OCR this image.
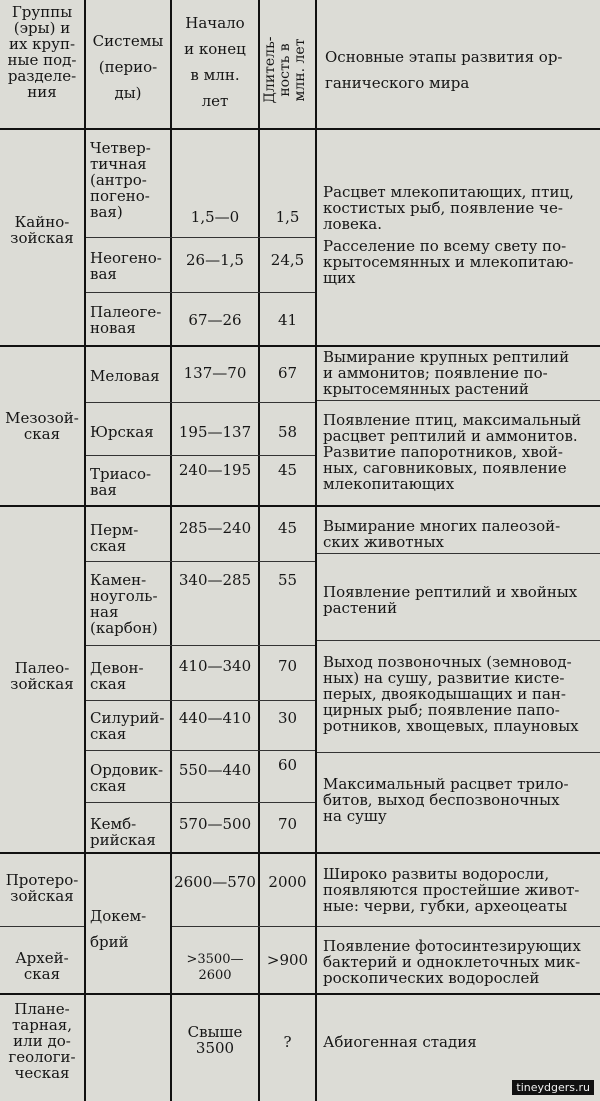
Группы
(эры) и
их круп-
ные под-
разделе-
ния
Системы
(перио-
ды)
Начало
и конец
в млн.
лет	Длитель-
ность в
млн. лет Основные этапы развития ор-
ганического мира
Кайно-
зойская
Мезозой-
ская
Палео-
зойская
Протеро-
зойская
Архей-
ская
Плане-
тарная,
или до-
геологи-
ческая
Четвер-
тичная
(антро-
погено-
вая)
Неогено-
вая
Палеоге-
новая
Меловая
Юрская
Триасо-
вая
Перм-
ская
Камен-
ноуголь-
ная
(карбон)
Девон-
ская
Силурий-
ская
Ордовик-
ская
Кемб-
рийская
Докем-
брий
1,5—0
26—1,5
67—26
137—70
195—137
240—195
285—240
340—285
410—340
440—410
550—440
570—500
2600—570
>3500—2600
Свыше
3500
1,5
24,5
41
67
58
45
45
55
70
30
60
70
2000
>900
?
Расцвет млекопитающих, птиц,
костистых рыб, появление че-
ловека.
Расселение по всему свету по-
крытосемянных и млекопитаю-
щих
Вымирание крупных рептилий
и аммонитов; появление по-
крытосемянных растений
Появление птиц, максимальный
расцвет рептилий и аммонитов.
Развитие папоротников, хвой-
ных, саговниковых, появление
млекопитающих
Вымирание многих палеозой-
ских животных
Появление рептилий и хвойных
растений
Выход позвоночных (земновод-
ных) на сушу, развитие кисте-
перых, двоякодышащих и пан-
цирных рыб; появление папо-
ротников, хвощевых, плауновых
Максимальный расцвет трило-
битов, выход беспозвоночных
на сушу
Широко развиты водоросли,
появляются простейшие живот-
ные: черви, губки, археоцеаты
Появление фотосинтезирующих
бактерий и одноклеточных мик-
роскопических водорослей
Абиогенная стадия
tineydgers.ru
